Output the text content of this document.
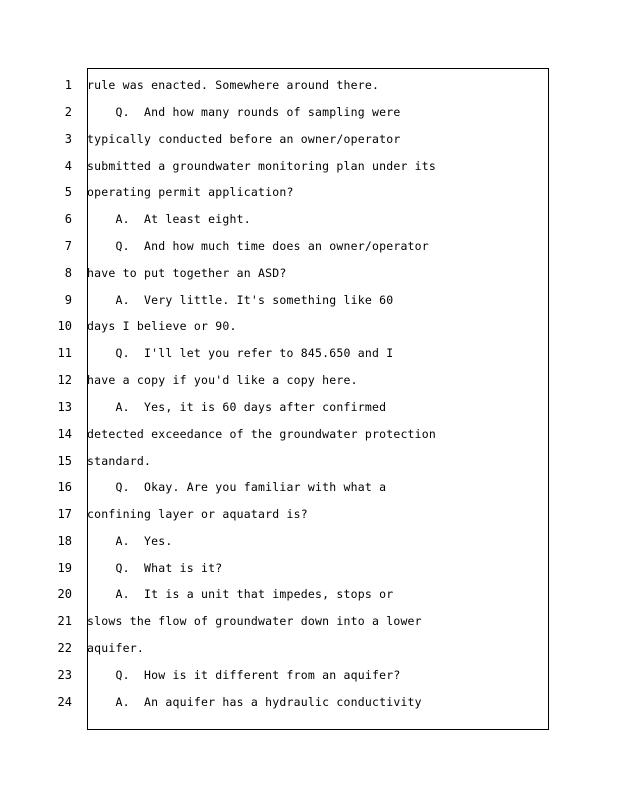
1 rule was enacted. Somewhere around there.
2 Q.  And how many rounds of sampling were
3 typically conducted before an owner/operator
4 submitted a groundwater monitoring plan under its
5 operating permit application?
6 A.  At least eight.
7 Q.  And how much time does an owner/operator
8 have to put together an ASD?
9 A.  Very little. It's something like 60
10 days I believe or 90.
11 Q.  I'll let you refer to 845.650 and I
12 have a copy if you'd like a copy here.
13 A.  Yes, it is 60 days after confirmed
14 detected exceedance of the groundwater protection
15 standard.
16 Q.  Okay. Are you familiar with what a
17 confining layer or aquatard is?
18 A.  Yes.
19 Q.  What is it?
20 A.  It is a unit that impedes, stops or
21 slows the flow of groundwater down into a lower
22 aquifer.
23 Q.  How is it different from an aquifer?
24 A.  An aquifer has a hydraulic conductivity
